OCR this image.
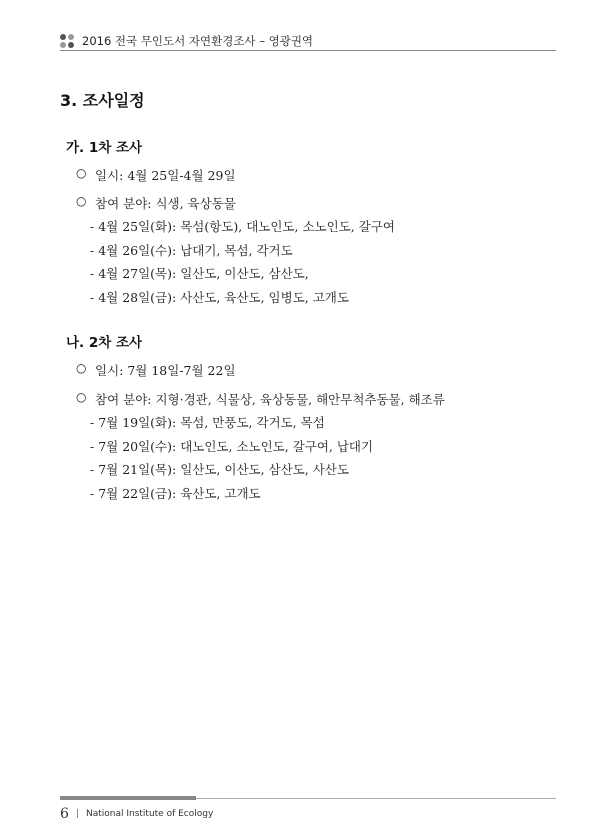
2016 전국 무인도서 자연환경조사 – 영광권역
3. 조사일정
가. 1차 조사
○ 일시: 4월 25일-4월 29일
○ 참여 분야: 식생, 육상동물
- 4월 25일(화): 목섬(항도), 대노인도, 소노인도, 갈구여
- 4월 26일(수): 납대기, 목섬, 각거도
- 4월 27일(목): 일산도, 이산도, 삼산도,
- 4월 28일(금): 사산도, 육산도, 임병도, 고개도
나. 2차 조사
○ 일시: 7월 18일-7월 22일
○ 참여 분야: 지형·경관, 식물상, 육상동물, 해안무척추동물, 해조류
- 7월 19일(화): 목섬, 만풍도, 각거도, 목섬
- 7월 20일(수): 대노인도, 소노인도, 갈구여, 납대기
- 7월 21일(목): 일산도, 이산도, 삼산도, 사산도
- 7월 22일(금): 육산도, 고개도
6 | National Institute of Ecology
